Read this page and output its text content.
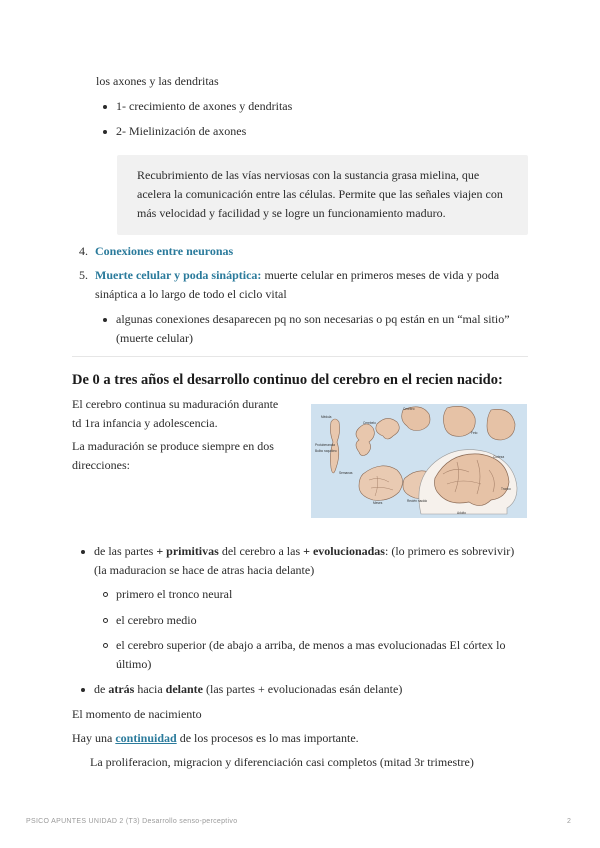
los axones y las dendritas
1- crecimiento de axones y dendritas
2- Mielinización de axones
Recubrimiento de las vías nerviosas con la sustancia grasa mielina, que
acelera la comunicación entre las células. Permite que las señales viajen con
más velocidad y facilidad y se logre un funcionamiento maduro.
4. Conexiones entre neuronas
5. Muerte celular y poda sináptica: muerte celular en primeros meses de vida y poda
sináptica a lo largo de todo el ciclo vital
algunas conexiones desaparecen pq no son necesarias o pq están en un “mal sitio”
(muerte celular)
De 0 a tres años el desarrollo continuo del cerebro en el recien nacido:
El cerebro continua su maduración durante
td 1ra infancia y adolescencia.
La maduración se produce siempre en dos
direcciones:
Médula
Cerebelo
Cerebro
Protuberancia
Bulbo raquídeo
Semanas
Meses	Recién nacido
Corteza
Adulto
Tronco
Feto
de las partes + primitivas del cerebro a las + evolucionadas: (lo primero es sobrevivir)
(la maduracion se hace de atras hacia delante)
primero el tronco neural
el cerebro medio
el cerebro superior (de abajo a arriba, de menos a mas evolucionadas El córtex lo
último)
de atrás hacia delante (las partes + evolucionadas esán delante)
El momento de nacimiento
Hay una continuidad de los procesos es lo mas importante.
La proliferacion, migracion y diferenciación casi completos (mitad 3r trimestre)
PSICO APUNTES UNIDAD 2 (T3) Desarrollo senso-perceptivo	2
